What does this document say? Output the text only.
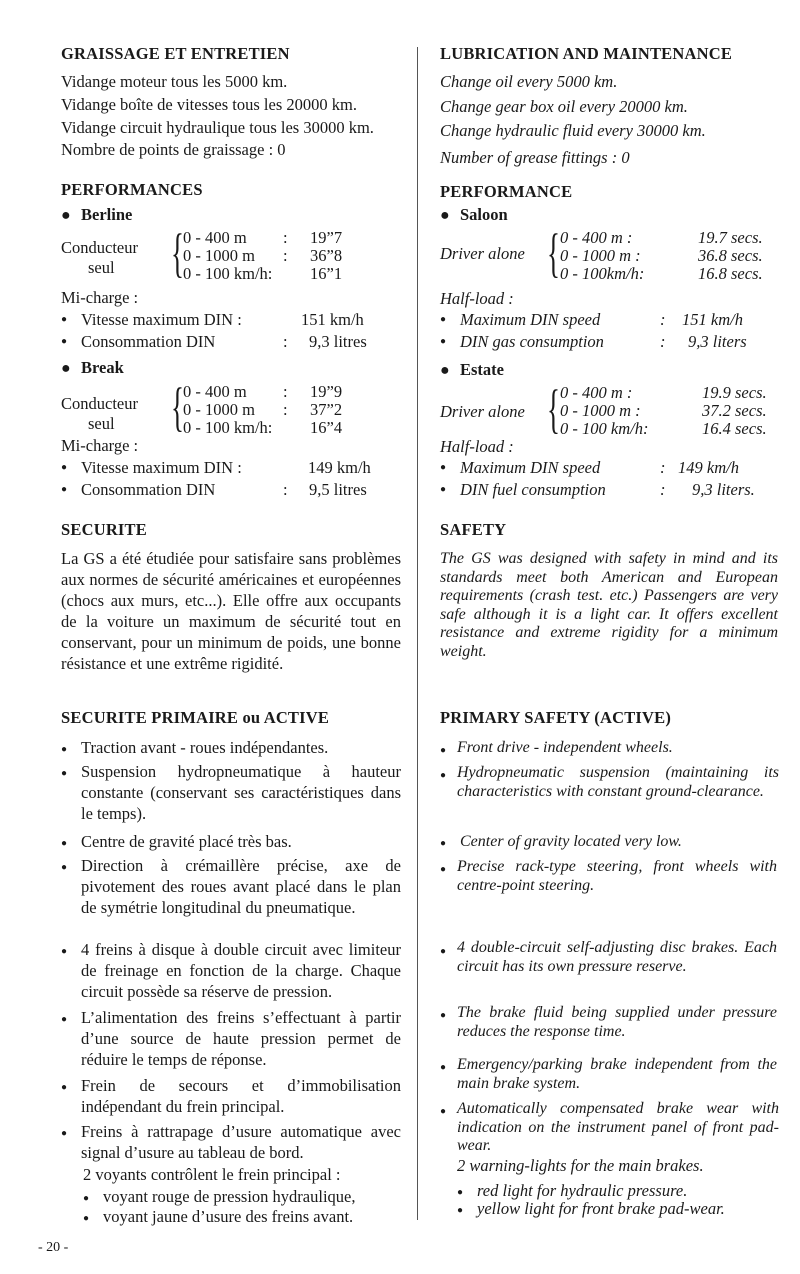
GRAISSAGE ET ENTRETIEN
Vidange moteur tous les 5000 km.
Vidange boîte de vitesses tous les 20000 km.
Vidange circuit hydraulique tous les 30000 km.
Nombre de points de graissage : 0
PERFORMANCES
● Berline
Conducteur
seul { 0 - 400 m : 19”7
0 - 1000 m : 36”8
0 - 100 km/h: 16”1
Mi-charge :
● Vitesse maximum DIN :	151 km/h
● Consommation DIN	: 9,3 litres
● Break
Conducteur
seul { 0 - 400 m : 19”9
0 - 1000 m : 37”2
0 - 100 km/h: 16”4
Mi-charge :
● Vitesse maximum DIN :	149 km/h
● Consommation DIN	: 9,5 litres
SECURITE
La GS a été étudiée pour satisfaire sans problèmes aux normes de sécurité américaines et européennes (chocs aux murs, etc...). Elle offre aux occupants de la voiture un maximum de sécurité tout en conservant, pour un minimum de poids, une bonne résistance et une extrême rigidité.
SECURITE PRIMAIRE ou ACTIVE
● Traction avant - roues indépendantes.
● Suspension hydropneumatique à hauteur constante (conservant ses caractéristiques dans le temps).
● Centre de gravité placé très bas.
● Direction à crémaillère précise, axe de pivotement des roues avant placé dans le plan de symétrie longitudinal du pneumatique.
● 4 freins à disque à double circuit avec limiteur de freinage en fonction de la charge. Chaque circuit possède sa réserve de pression.
● L’alimentation des freins s’effectuant à partir d’une source de haute pression permet de réduire le temps de réponse.
● Frein de secours et d’immobilisation indépendant du frein principal.
● Freins à rattrapage d’usure automatique avec signal d’usure au tableau de bord.
2 voyants contrôlent le frein principal :
● voyant rouge de pression hydraulique,
● voyant jaune d’usure des freins avant.
LUBRICATION AND MAINTENANCE
Change oil every 5000 km.
Change gear box oil every 20000 km.
Change hydraulic fluid every 30000 km.
Number of grease fittings : 0
PERFORMANCE
● Saloon
Driver alone { 0 - 400 m :	19.7 secs.
0 - 1000 m :	36.8 secs.
0 - 100km/h:	16.8 secs.
Half-load :
● Maximum DIN speed	: 151 km/h
● DIN gas consumption	: 9,3 liters
● Estate
Driver alone { 0 - 400 m :	19.9 secs.
0 - 1000 m :	37.2 secs.
0 - 100 km/h:	16.4 secs.
Half-load :
● Maximum DIN speed	: 149 km/h
● DIN fuel consumption	: 9,3 liters.
SAFETY
The GS was designed with safety in mind and its standards meet both American and European requirements (crash test. etc.) Passengers are very safe although it is a light car. It offers excellent resistance and extreme rigidity for a minimum weight.
PRIMARY SAFETY (ACTIVE)
● Front drive - independent wheels.
● Hydropneumatic suspension (maintaining its characteristics with constant ground-clearance.
● Center of gravity located very low.
● Precise rack-type steering, front wheels with centre-point steering.
● 4 double-circuit self-adjusting disc brakes. Each circuit has its own pressure reserve.
● The brake fluid being supplied under pressure reduces the response time.
● Emergency/parking brake independent from the main brake system.
● Automatically compensated brake wear with indication on the instrument panel of front pad-wear.
2 warning-lights for the main brakes.
● red light for hydraulic pressure.
● yellow light for front brake pad-wear.
- 20 -
